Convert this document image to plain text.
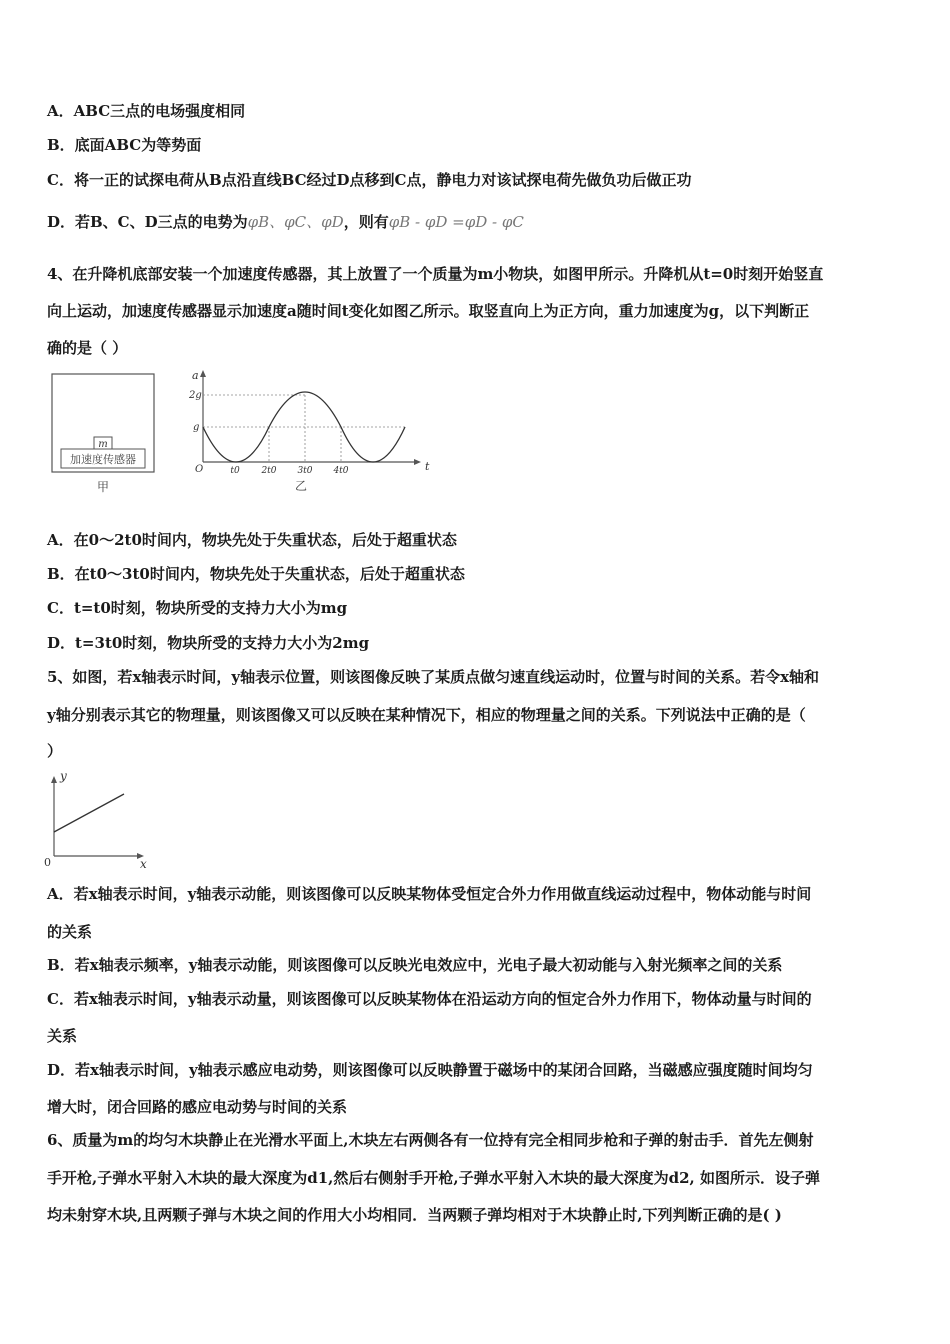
A．ABC三点的电场强度相同
B．底面ABC为等势面
C．将一正的试探电荷从B点沿直线BC经过D点移到C点，静电力对该试探电荷先做负功后做正功
D．若B、C、D三点的电势为φB、φC、φD，则有φB - φD =φD - φC
4、在升降机底部安装一个加速度传感器，其上放置了一个质量为m小物块，如图甲所示。升降机从t=0时刻开始竖直
向上运动，加速度传感器显示加速度a随时间t变化如图乙所示。取竖直向上为正方向，重力加速度为g，以下判断正
确的是（ ）
m
加速度传感器
甲
a
t
O
2g
g
t0 2t0 3t0 4t0
乙
A．在0～2t0时间内，物块先处于失重状态，后处于超重状态
B．在t0～3t0时间内，物块先处于失重状态，后处于超重状态
C．t=t0时刻，物块所受的支持力大小为mg
D．t=3t0时刻，物块所受的支持力大小为2mg
5、如图，若x轴表示时间，y轴表示位置，则该图像反映了某质点做匀速直线运动时，位置与时间的关系。若令x轴和
y轴分别表示其它的物理量，则该图像又可以反映在某种情况下，相应的物理量之间的关系。下列说法中正确的是（
）
y
x
0
A．若x轴表示时间，y轴表示动能，则该图像可以反映某物体受恒定合外力作用做直线运动过程中，物体动能与时间
的关系
B．若x轴表示频率，y轴表示动能，则该图像可以反映光电效应中，光电子最大初动能与入射光频率之间的关系
C．若x轴表示时间，y轴表示动量，则该图像可以反映某物体在沿运动方向的恒定合外力作用下，物体动量与时间的
关系
D．若x轴表示时间，y轴表示感应电动势，则该图像可以反映静置于磁场中的某闭合回路，当磁感应强度随时间均匀
增大时，闭合回路的感应电动势与时间的关系
6、质量为m的均匀木块静止在光滑水平面上,木块左右两侧各有一位持有完全相同步枪和子弹的射击手．首先左侧射
手开枪,子弹水平射入木块的最大深度为d1,然后右侧射手开枪,子弹水平射入木块的最大深度为d2, 如图所示．设子弹
均未射穿木块,且两颗子弹与木块之间的作用大小均相同．当两颗子弹均相对于木块静止时,下列判断正确的是( )
